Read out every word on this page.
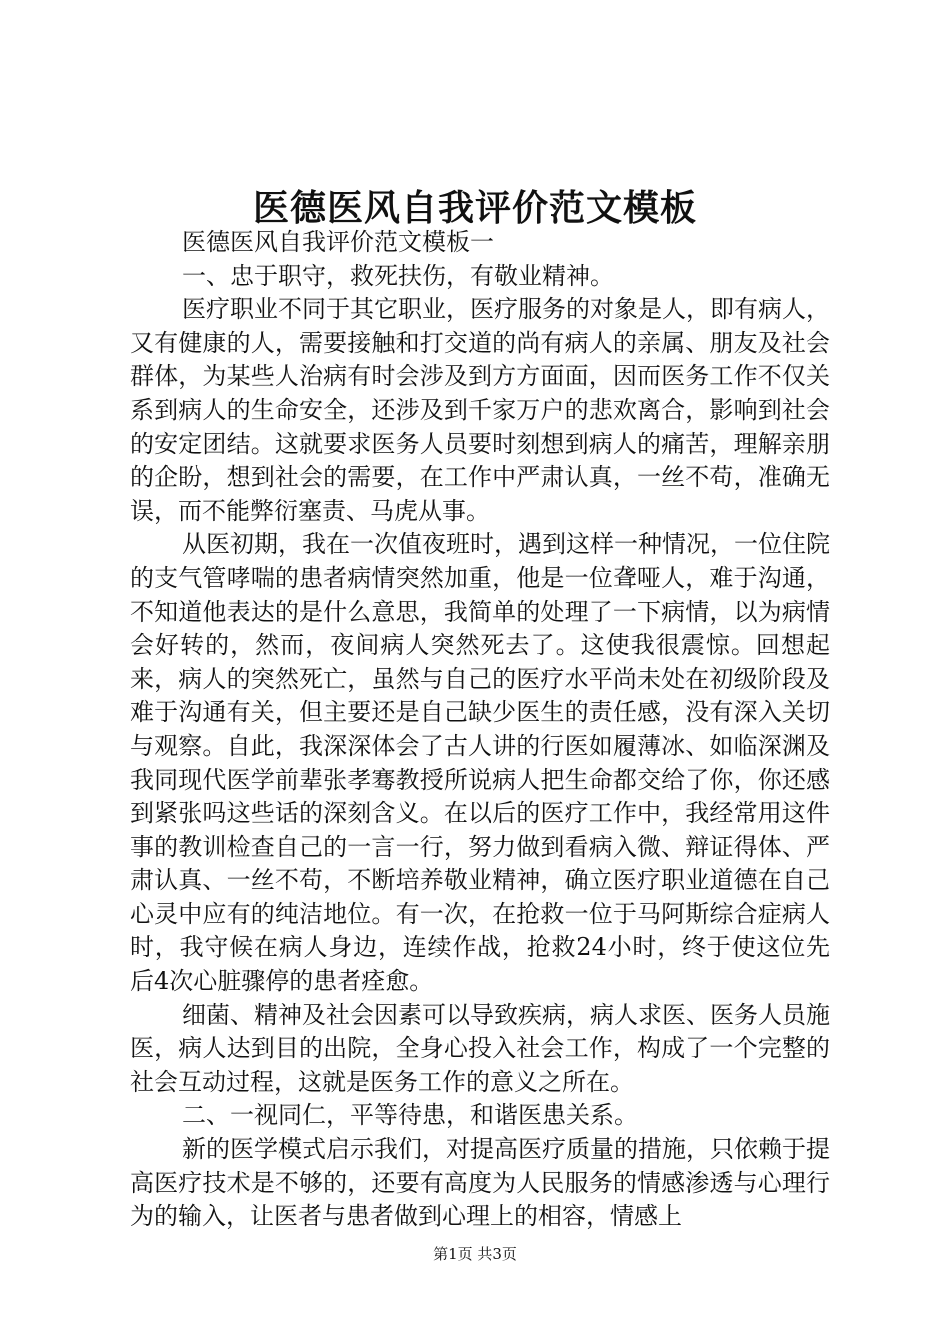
医德医风自我评价范文模板

医德医风自我评价范文模板一

一、忠于职守，救死扶伤，有敬业精神。

医疗职业不同于其它职业，医疗服务的对象是人，即有病人，又有健康的人，需要接触和打交道的尚有病人的亲属、朋友及社会群体，为某些人治病有时会涉及到方方面面，因而医务工作不仅关系到病人的生命安全，还涉及到千家万户的悲欢离合，影响到社会的安定团结。这就要求医务人员要时刻想到病人的痛苦，理解亲朋的企盼，想到社会的需要，在工作中严肃认真，一丝不苟，准确无误，而不能弊衍塞责、马虎从事。

从医初期，我在一次值夜班时，遇到这样一种情况，一位住院的支气管哮喘的患者病情突然加重，他是一位聋哑人，难于沟通，不知道他表达的是什么意思，我简单的处理了一下病情，以为病情会好转的，然而，夜间病人突然死去了。这使我很震惊。回想起来，病人的突然死亡，虽然与自己的医疗水平尚未处在初级阶段及难于沟通有关，但主要还是自己缺少医生的责任感，没有深入关切与观察。自此，我深深体会了古人讲的行医如履薄冰、如临深渊及我同现代医学前辈张孝骞教授所说病人把生命都交给了你，你还感到紧张吗这些话的深刻含义。在以后的医疗工作中，我经常用这件事的教训检查自己的一言一行，努力做到看病入微、辩证得体、严肃认真、一丝不苟，不断培养敬业精神，确立医疗职业道德在自己心灵中应有的纯洁地位。有一次，在抢救一位于马阿斯综合症病人时，我守候在病人身边，连续作战，抢救24小时，终于使这位先后4次心脏骤停的患者痊愈。

细菌、精神及社会因素可以导致疾病，病人求医、医务人员施医，病人达到目的出院，全身心投入社会工作，构成了一个完整的社会互动过程，这就是医务工作的意义之所在。

二、一视同仁，平等待患，和谐医患关系。

新的医学模式启示我们，对提高医疗质量的措施，只依赖于提高医疗技术是不够的，还要有高度为人民服务的情感渗透与心理行为的输入，让医者与患者做到心理上的相容，情感上

第1页 共3页
